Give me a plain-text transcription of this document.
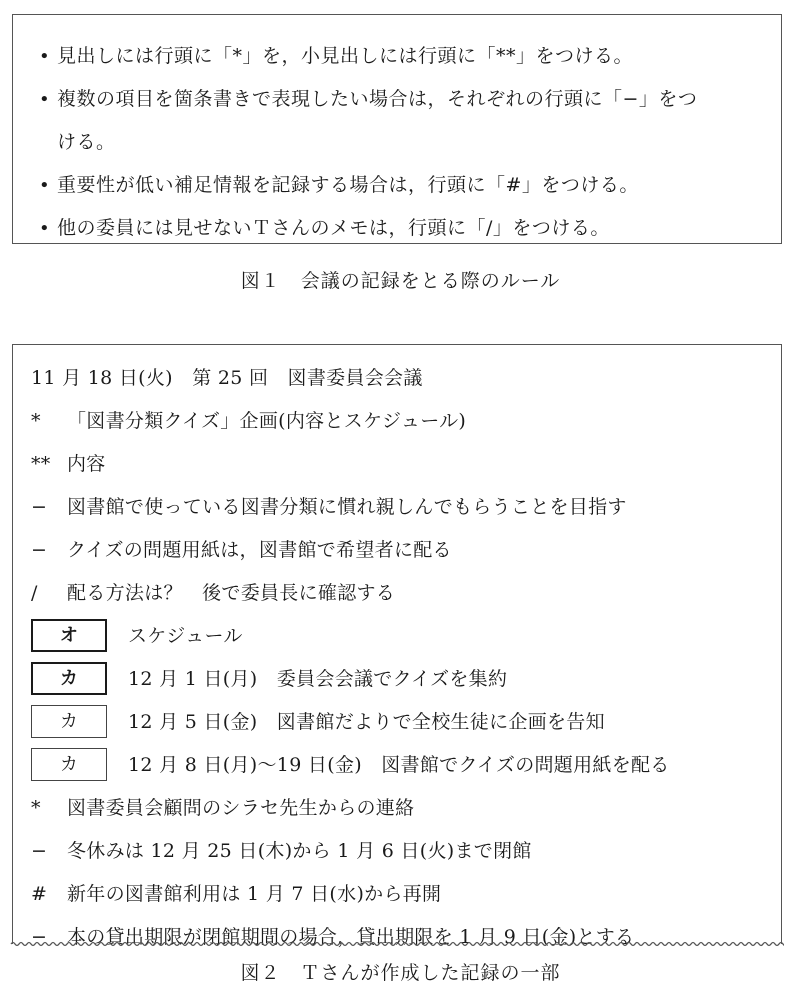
• 見出しには行頭に「*」を，小見出しには行頭に「**」をつける。
• 複数の項目を箇条書きで表現したい場合は，それぞれの行頭に「−」をつ
ける。
• 重要性が低い補足情報を記録する場合は，行頭に「#」をつける。
• 他の委員には見せないＴさんのメモは，行頭に「/」をつける。
図１　会議の記録をとる際のルール
11 月 18 日(火)　第 25 回　図書委員会会議
* 「図書分類クイズ」企画(内容とスケジュール)
** 内容
− 図書館で使っている図書分類に慣れ親しんでもらうことを目指す
− クイズの問題用紙は，図書館で希望者に配る
/ 配る方法は？　後で委員長に確認する
オ	スケジュール
カ	12 月 1 日(月)　委員会会議でクイズを集約
カ	12 月 5 日(金)　図書館だよりで全校生徒に企画を告知
カ	12 月 8 日(月)～19 日(金)　図書館でクイズの問題用紙を配る
* 図書委員会顧問のシラセ先生からの連絡
− 冬休みは 12 月 25 日(木)から 1 月 6 日(火)まで閉館
# 新年の図書館利用は 1 月 7 日(水)から再開
− 本の貸出期限が閉館期間の場合，貸出期限を 1 月 9 日(金)とする
図２　Ｔさんが作成した記録の一部
